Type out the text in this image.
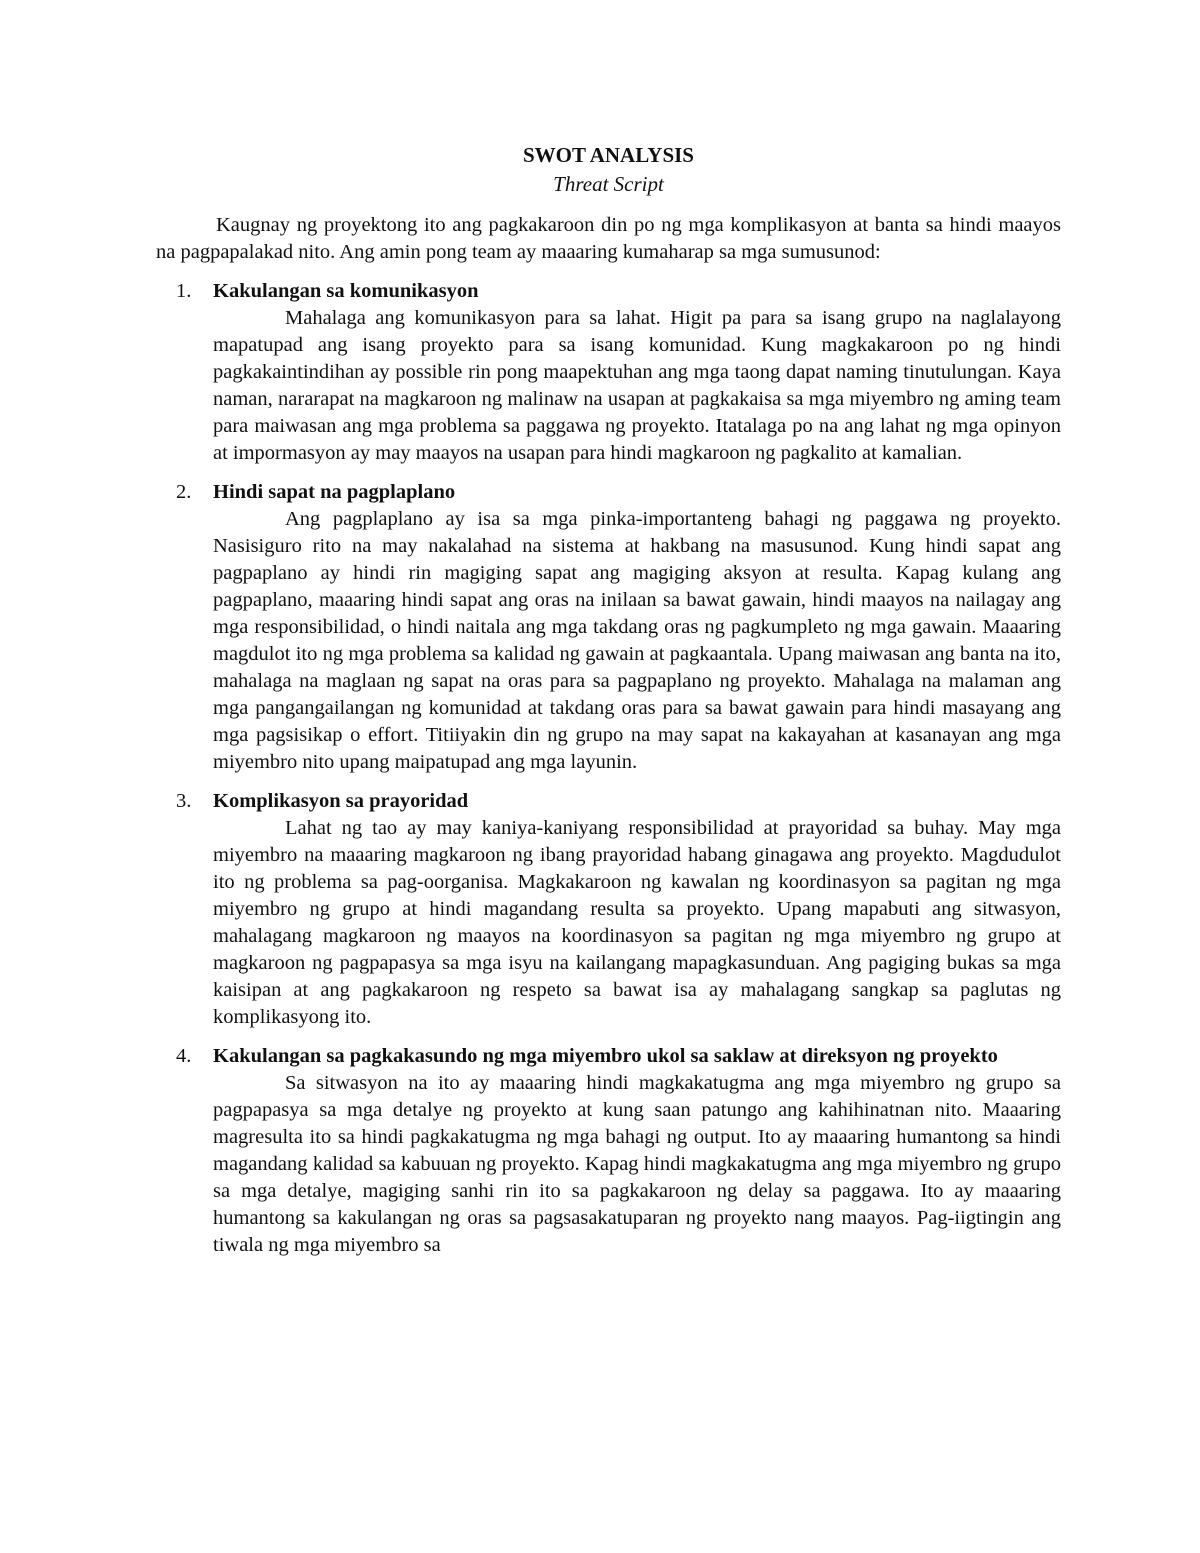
SWOT ANALYSIS

Threat Script

Kaugnay ng proyektong ito ang pagkakaroon din po ng mga komplikasyon at banta sa hindi maayos na pagpapalakad nito. Ang amin pong team ay maaaring kumaharap sa mga sumusunod:

1. Kakulangan sa komunikasyon

Mahalaga ang komunikasyon para sa lahat. Higit pa para sa isang grupo na naglalayong mapatupad ang isang proyekto para sa isang komunidad. Kung magkakaroon po ng hindi pagkakaintindihan ay possible rin pong maapektuhan ang mga taong dapat naming tinutulungan. Kaya naman, nararapat na magkaroon ng malinaw na usapan at pagkakaisa sa mga miyembro ng aming team para maiwasan ang mga problema sa paggawa ng proyekto. Itatalaga po na ang lahat ng mga opinyon at impormasyon ay may maayos na usapan para hindi magkaroon ng pagkalito at kamalian.

2. Hindi sapat na pagplaplano

Ang pagplaplano ay isa sa mga pinka-importanteng bahagi ng paggawa ng proyekto. Nasisiguro rito na may nakalahad na sistema at hakbang na masusunod. Kung hindi sapat ang pagpaplano ay hindi rin magiging sapat ang magiging aksyon at resulta. Kapag kulang ang pagpaplano, maaaring hindi sapat ang oras na inilaan sa bawat gawain, hindi maayos na nailagay ang mga responsibilidad, o hindi naitala ang mga takdang oras ng pagkumpleto ng mga gawain. Maaaring magdulot ito ng mga problema sa kalidad ng gawain at pagkaantala. Upang maiwasan ang banta na ito, mahalaga na maglaan ng sapat na oras para sa pagpaplano ng proyekto. Mahalaga na malaman ang mga pangangailangan ng komunidad at takdang oras para sa bawat gawain para hindi masayang ang mga pagsisikap o effort. Titiiyakin din ng grupo na may sapat na kakayahan at kasanayan ang mga miyembro nito upang maipatupad ang mga layunin.

3. Komplikasyon sa prayoridad

Lahat ng tao ay may kaniya-kaniyang responsibilidad at prayoridad sa buhay. May mga miyembro na maaaring magkaroon ng ibang prayoridad habang ginagawa ang proyekto. Magdudulot ito ng problema sa pag-oorganisa. Magkakaroon ng kawalan ng koordinasyon sa pagitan ng mga miyembro ng grupo at hindi magandang resulta sa proyekto. Upang mapabuti ang sitwasyon, mahalagang magkaroon ng maayos na koordinasyon sa pagitan ng mga miyembro ng grupo at magkaroon ng pagpapasya sa mga isyu na kailangang mapagkasunduan. Ang pagiging bukas sa mga kaisipan at ang pagkakaroon ng respeto sa bawat isa ay mahalagang sangkap sa paglutas ng komplikasyong ito.

4. Kakulangan sa pagkakasundo ng mga miyembro ukol sa saklaw at direksyon ng proyekto

Sa sitwasyon na ito ay maaaring hindi magkakatugma ang mga miyembro ng grupo sa pagpapasya sa mga detalye ng proyekto at kung saan patungo ang kahihinatnan nito. Maaaring magresulta ito sa hindi pagkakatugma ng mga bahagi ng output. Ito ay maaaring humantong sa hindi magandang kalidad sa kabuuan ng proyekto. Kapag hindi magkakatugma ang mga miyembro ng grupo sa mga detalye, magiging sanhi rin ito sa pagkakaroon ng delay sa paggawa. Ito ay maaaring humantong sa kakulangan ng oras sa pagsasakatuparan ng proyekto nang maayos. Pag-iigtingin ang tiwala ng mga miyembro sa
